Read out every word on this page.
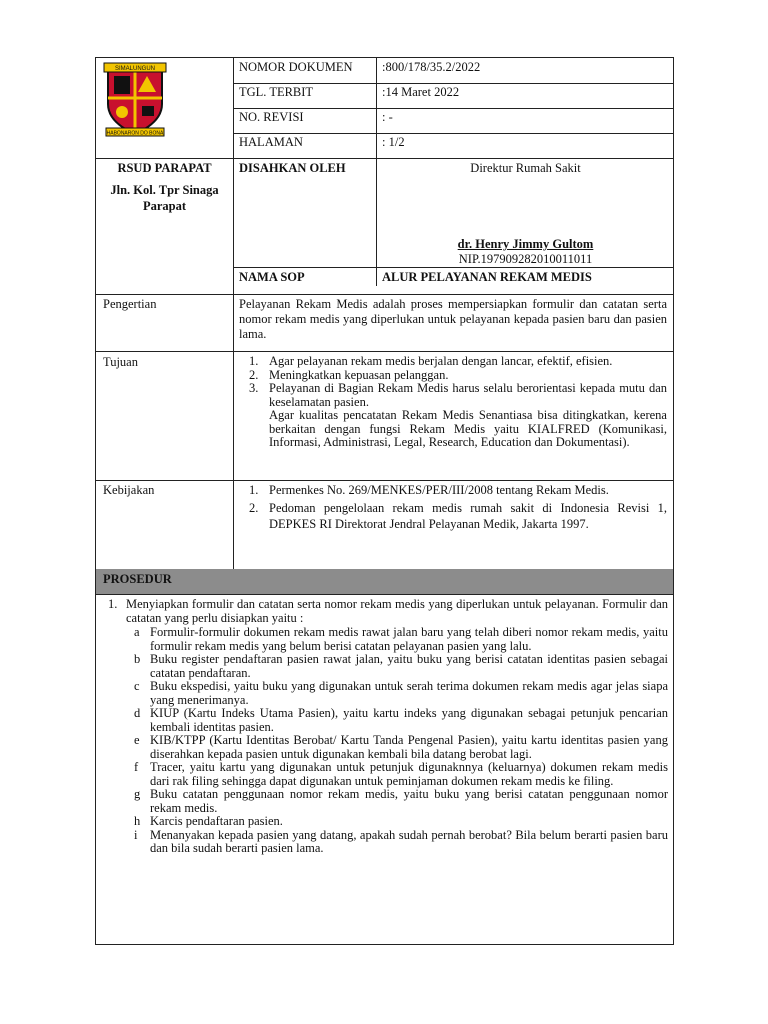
SIMALUNGUN
HABONARON DO BONA
NOMOR DOKUMEN :800/178/35.2/2022
TGL. TERBIT	:14 Maret 2022
NO. REVISI	: -
HALAMAN	: 1/2
RSUD PARAPAT
Jln. Kol. Tpr Sinaga Parapat
DISAHKAN OLEH	Direktur Rumah Sakit
dr. Henry Jimmy Gultom
NIP.197909282010011011
NAMA SOP	ALUR PELAYANAN REKAM MEDIS
Pengertian	Pelayanan Rekam Medis adalah proses mempersiapkan formulir dan catatan serta nomor rekam medis yang diperlukan untuk pelayanan kepada pasien baru dan pasien lama.
Tujuan	1. Agar pelayanan rekam medis berjalan dengan lancar, efektif, efisien.
2. Meningkatkan kepuasan pelanggan.
3. Pelayanan di Bagian Rekam Medis harus selalu berorientasi kepada mutu dan keselamatan pasien.
Agar kualitas pencatatan Rekam Medis Senantiasa bisa ditingkatkan, kerena berkaitan dengan fungsi Rekam Medis yaitu KIALFRED (Komunikasi, Informasi, Administrasi, Legal, Research, Education dan Dokumentasi).
Kebijakan	1. Permenkes No. 269/MENKES/PER/III/2008 tentang Rekam Medis.
2. Pedoman pengelolaan rekam medis rumah sakit di Indonesia Revisi 1, DEPKES RI Direktorat Jendral Pelayanan Medik, Jakarta 1997.
PROSEDUR
1. Menyiapkan formulir dan catatan serta nomor rekam medis yang diperlukan untuk pelayanan. Formulir dan catatan yang perlu disiapkan yaitu :
a Formulir-formulir dokumen rekam medis rawat jalan baru yang telah diberi nomor rekam medis, yaitu formulir rekam medis yang belum berisi catatan pelayanan pasien yang lalu.
b Buku register pendaftaran pasien rawat jalan, yaitu buku yang berisi catatan identitas pasien sebagai catatan pendaftaran.
c Buku ekspedisi, yaitu buku yang digunakan untuk serah terima dokumen rekam medis agar jelas siapa yang menerimanya.
d KIUP (Kartu Indeks Utama Pasien), yaitu kartu indeks yang digunakan sebagai petunjuk pencarian kembali identitas pasien.
e KIB/KTPP (Kartu Identitas Berobat/ Kartu Tanda Pengenal Pasien), yaitu kartu identitas pasien yang diserahkan kepada pasien untuk digunakan kembali bila datang berobat lagi.
f Tracer, yaitu kartu yang digunakan untuk petunjuk digunaknnya (keluarnya) dokumen rekam medis dari rak filing sehingga dapat digunakan untuk peminjaman dokumen rekam medis ke filing.
g Buku catatan penggunaan nomor rekam medis, yaitu buku yang berisi catatan penggunaan nomor rekam medis.
h Karcis pendaftaran pasien.
i Menanyakan kepada pasien yang datang, apakah sudah pernah berobat? Bila belum berarti pasien baru dan bila sudah berarti pasien lama.
